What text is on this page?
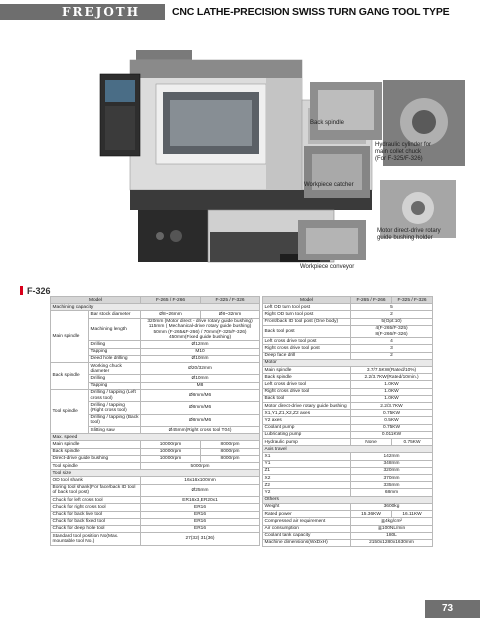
FREJOTH	CNC LATHE-PRECISION SWISS TURN GANG TOOL TYPE
Back spindle
Hydraulic cylinder for
main collet chuck
(For F-325/F-326)
Workpiece catcher
Motor direct-drive rotary
guide bushing holder
Workpiece conveyor
F-326
Model		F-265 / F-266	F-325 / F-326
Machining capacity			
Main spindle	Bar stock diameter	Ø8~26mm	Ø8~32mm
	Machining length	320mm (Motor direct - drive rotary guide bushing)
115mm ( Mechanical-drive rotary guide bushing)
50mm (F-265&F-266) / 70mm(F-325/F-326)
450mm(Fixed guide bushing)	
	Drilling	Ø12mm	
	Tapping	M10	
	Deed hole drilling	Ø10mm	
Back spindle	Working chuck diameter	Ø20/32mm	
	Drilling	Ø10mm	
	Tapping	M8	
Tool spindle	Drilling / tapping (Left cross tool)	Ø8mm/M6	
	Drilling / tapping (Right cross tool)	Ø8mm/M6	
	Drilling / tapping (Back tool)	Ø8mm/M6	
	Slitting saw	Ø45mm(Right cross tool T04)	
Max. speed			
Main spindle		10000rpm	8000rpm
Back spindle		10000rpm	8000rpm
Direct-drive guide bushing		10000rpm	8000rpm
Tool spindle		5000rpm	
Tool size			
OD tool shank		16x16x100mm	
Boring tool shank(For face/back ID tool of back tool post)		Ø25mm	
Chuck for left cross tool		ER16x3,ER20x1	
Chuck for right cross tool		ER16	
Chuck for back live tool		ER16	
Chuck for back fixed tool		ER16	
Chuck for deep hole tool		ER16	
Standard tool position No(Max. mountable tool No.)		27(32) 31(36)	
Model	F-265 / F-266	F-325 / F-326
Left OD turn tool post	5	
Right OD turn tool post	2	
Front/back ID tool post (One body)	5(Opt:10)	
Back tool post	4(F-265/F-325)
8(F-266/F-326)	
Left cross drive tool post	4	
Right cross drive tool post	3	
Deep face drill	2	
Motor		
Main spindle	3.7/7.5KW(Rated/10%)	
Back spindle	2.2/3.7KW(Rated/10min.)	
Left cross drive tool	1.0KW	
Right cross drive tool	1.0KW	
Back tool	1.0KW	
Motor direct-drive rotary guide bushing	2.2/3.7KW	
X1,Y1,Z1,X2,Z2 axes	0.75KW	
Y2 axes	0.5KW	
Coolant pump	0.75KW	
Lubricating pump	0.011KW	
Hydraulic pump	None	0.75KW
Axis travel		
X1	142mm	
Y1	348mm	
Z1	320mm	
X2	370mm	
Z2	335mm	
Y2	68mm	
Others		
Weight	3600kg	
Rated power	15.36KW	16.11KW
Compressed air requirement	≧4kg/cm²	
Air consumption	≧100NL/min	
Coolant tank capacity	180L	
Machine dimensions(WxDxH)	2150x1280x1630mm	
73
